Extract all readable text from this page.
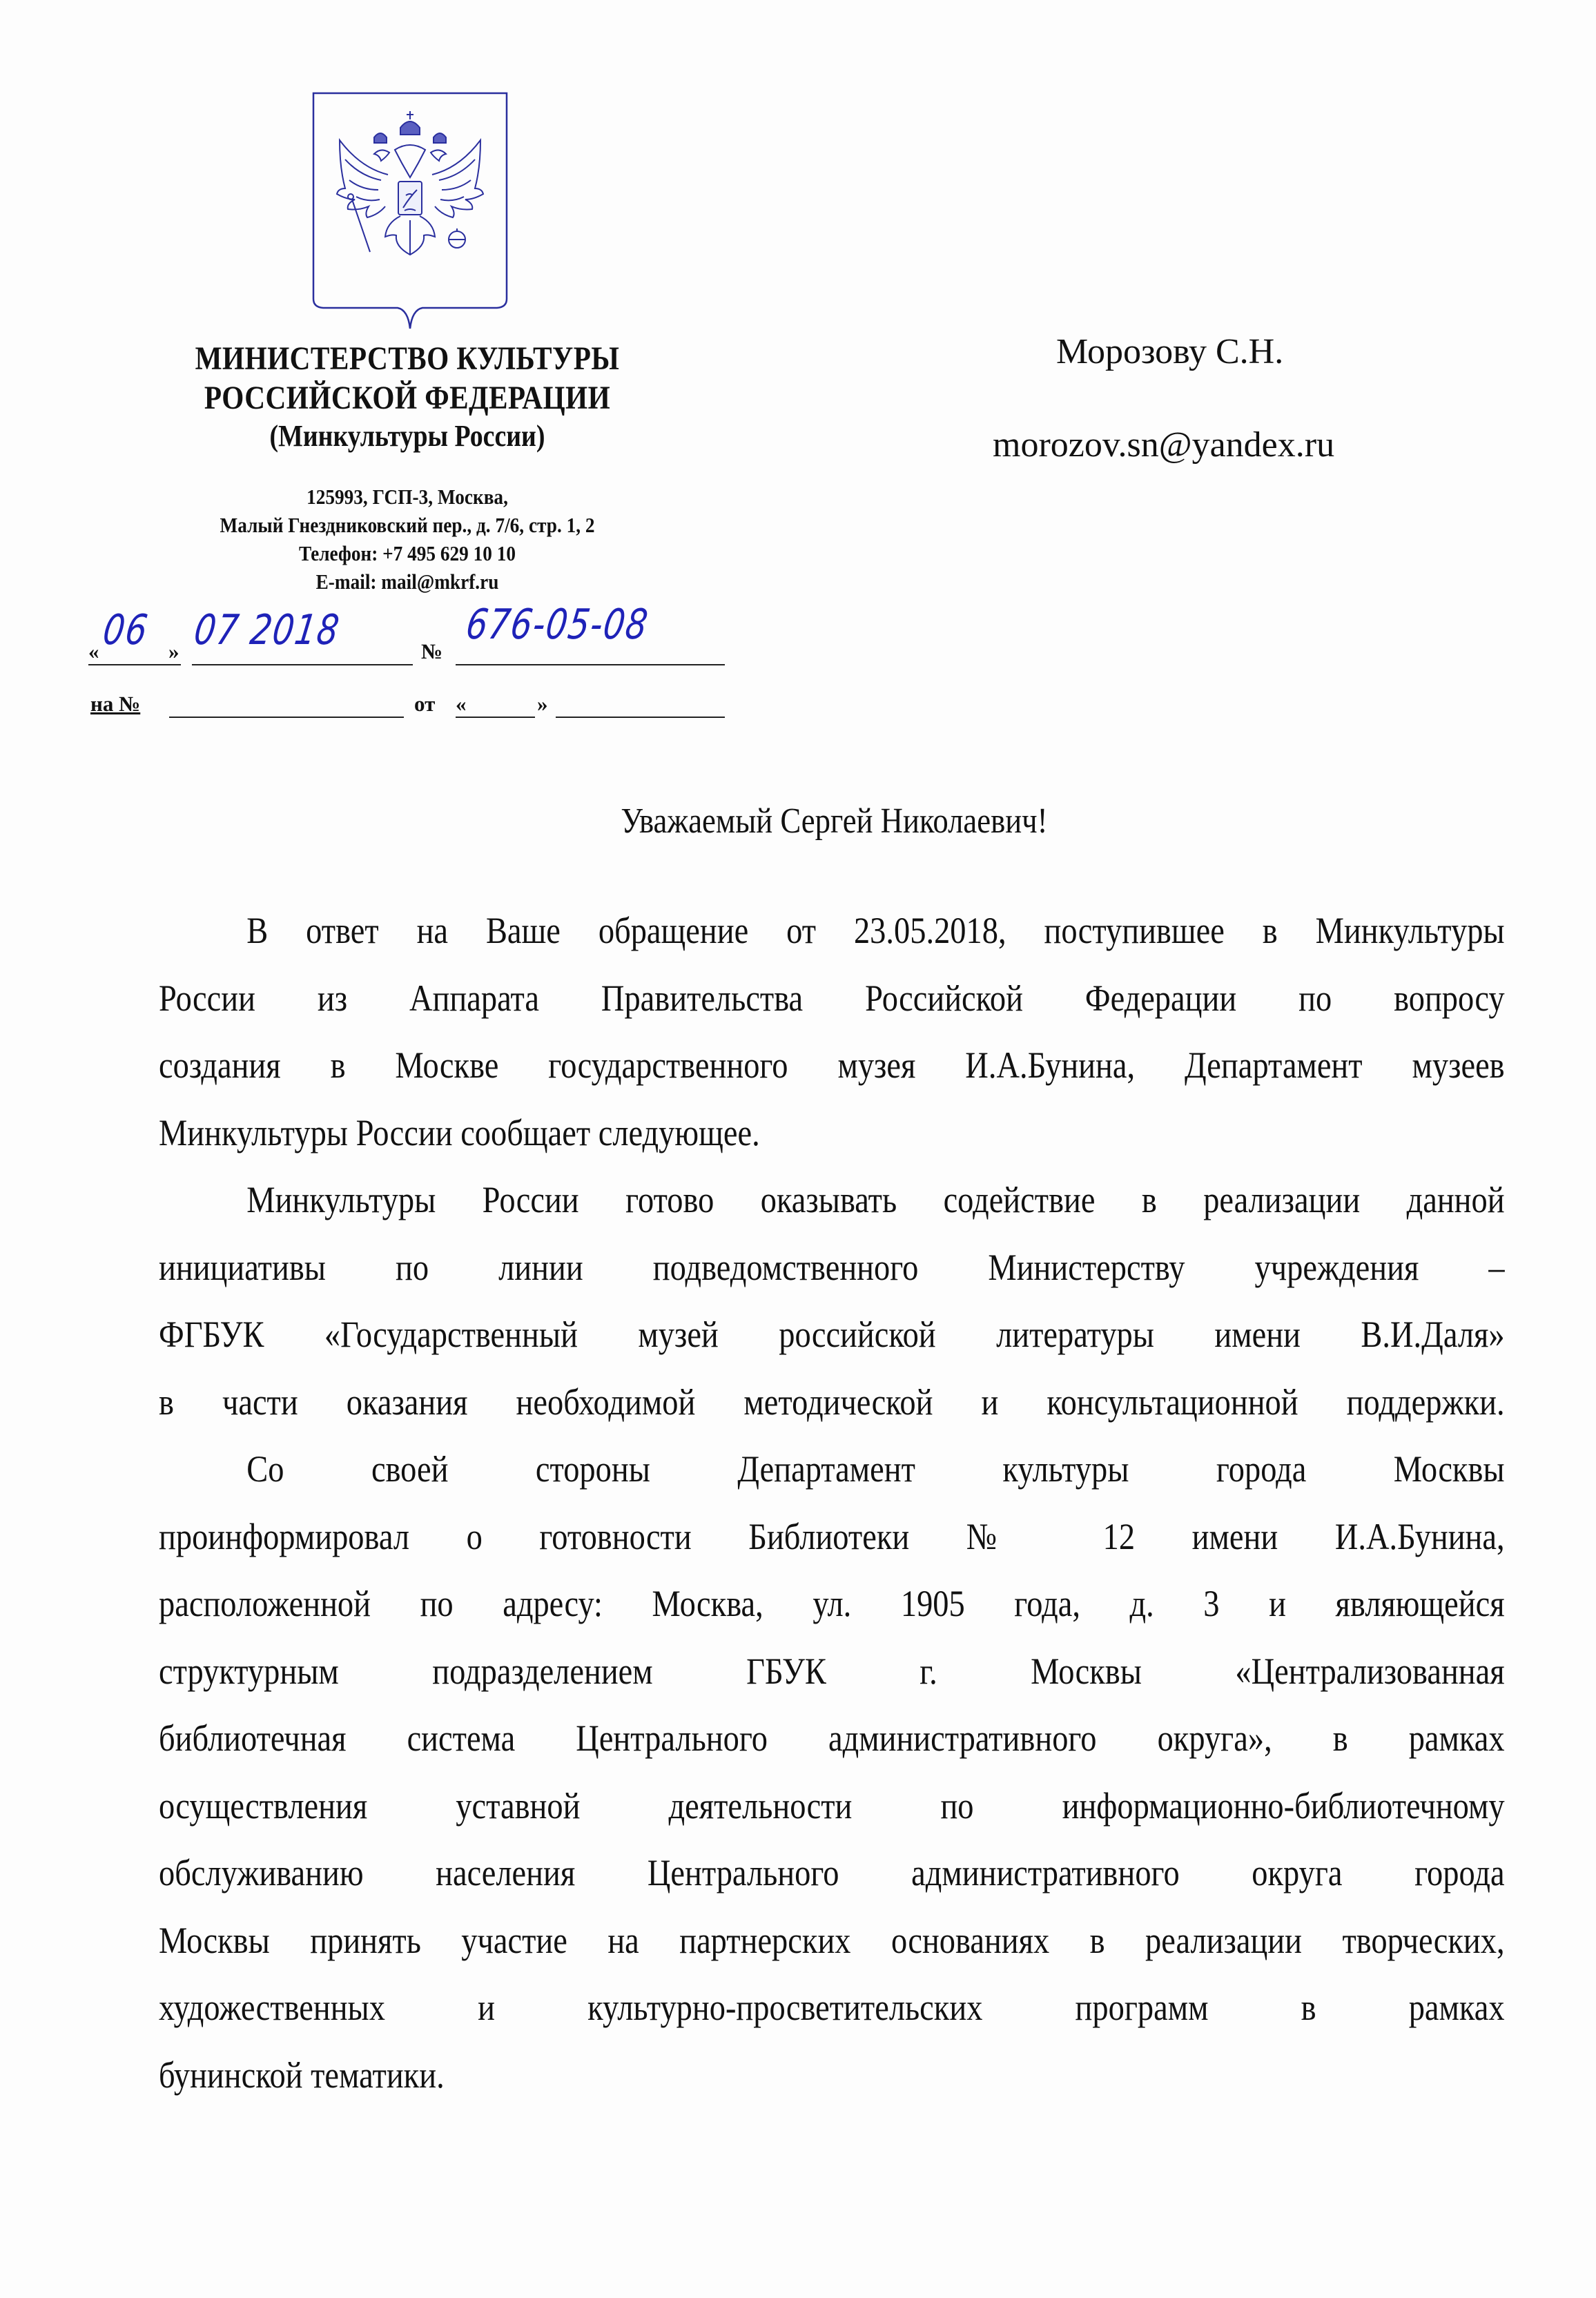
МИНИСТЕРСТВО КУЛЬТУРЫ
РОССИЙСКОЙ ФЕДЕРАЦИИ
(Минкультуры России)
125993, ГСП-3, Москва,
Малый Гнездниковский пер., д. 7/6, стр. 1, 2
Телефон: +7 495 629 10 10
E-mail: mail@mkrf.ru
« 06 » 07 2018	№
676-05-08
на №	от «	»
Морозову С.Н.
morozov.sn@yandex.ru
Уважаемый Сергей Николаевич!
В ответ на Ваше обращение от 23.05.2018, поступившее в Минкультуры
России из Аппарата Правительства Российской Федерации по вопросу
создания в Москве государственного музея И.А.Бунина, Департамент музеев
Минкультуры России сообщает следующее.
Минкультуры России готово оказывать содействие в реализации данной
инициативы по линии подведомственного Министерству учреждения –
ФГБУК «Государственный музей российской литературы имени В.И.Даля»
в части оказания необходимой методической и консультационной поддержки.
Со своей стороны Департамент культуры города Москвы
проинформировал о готовности Библиотеки № 12 имени И.А.Бунина,
расположенной по адресу: Москва, ул. 1905 года, д. 3 и являющейся
структурным подразделением ГБУК г. Москвы «Централизованная
библиотечная система Центрального административного округа», в рамках
осуществления уставной деятельности по информационно-библиотечному
обслуживанию населения Центрального административного округа города
Москвы принять участие на партнерских основаниях в реализации творческих,
художественных и культурно-просветительских программ в рамках
бунинской тематики.
